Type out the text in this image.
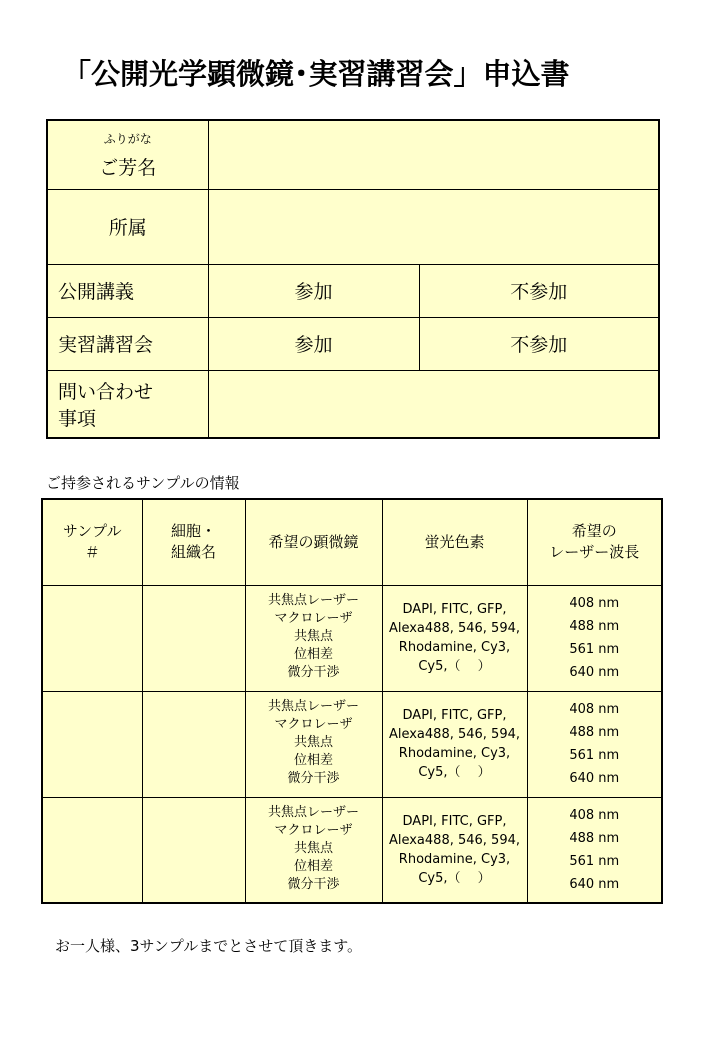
「公開光学顕微鏡･実習講習会」申込書
ふりがな
ご芳名		
所属		
公開講義	参加	不参加
実習講習会	参加	不参加

問い合わせ
事項		

ご持参されるサンプルの情報
サンプル
＃	細胞・
組織名	希望の顕微鏡	蛍光色素	希望の
レーザー波長

		共焦点レーザー
マクロレーザ
共焦点
位相差
微分干渉	DAPI, FITC, GFP,
Alexa488, 546, 594,
Rhodamine, Cy3,
Cy5,（　 ）	408 nm
488 nm
561 nm
640 nm

		共焦点レーザー
マクロレーザ
共焦点
位相差
微分干渉	DAPI, FITC, GFP,
Alexa488, 546, 594,
Rhodamine, Cy3,
Cy5,（　 ）	408 nm
488 nm
561 nm
640 nm

		共焦点レーザー
マクロレーザ
共焦点
位相差
微分干渉	DAPI, FITC, GFP,
Alexa488, 546, 594,
Rhodamine, Cy3,
Cy5,（　 ）	408 nm
488 nm
561 nm
640 nm
お一人様、3サンプルまでとさせて頂きます。
